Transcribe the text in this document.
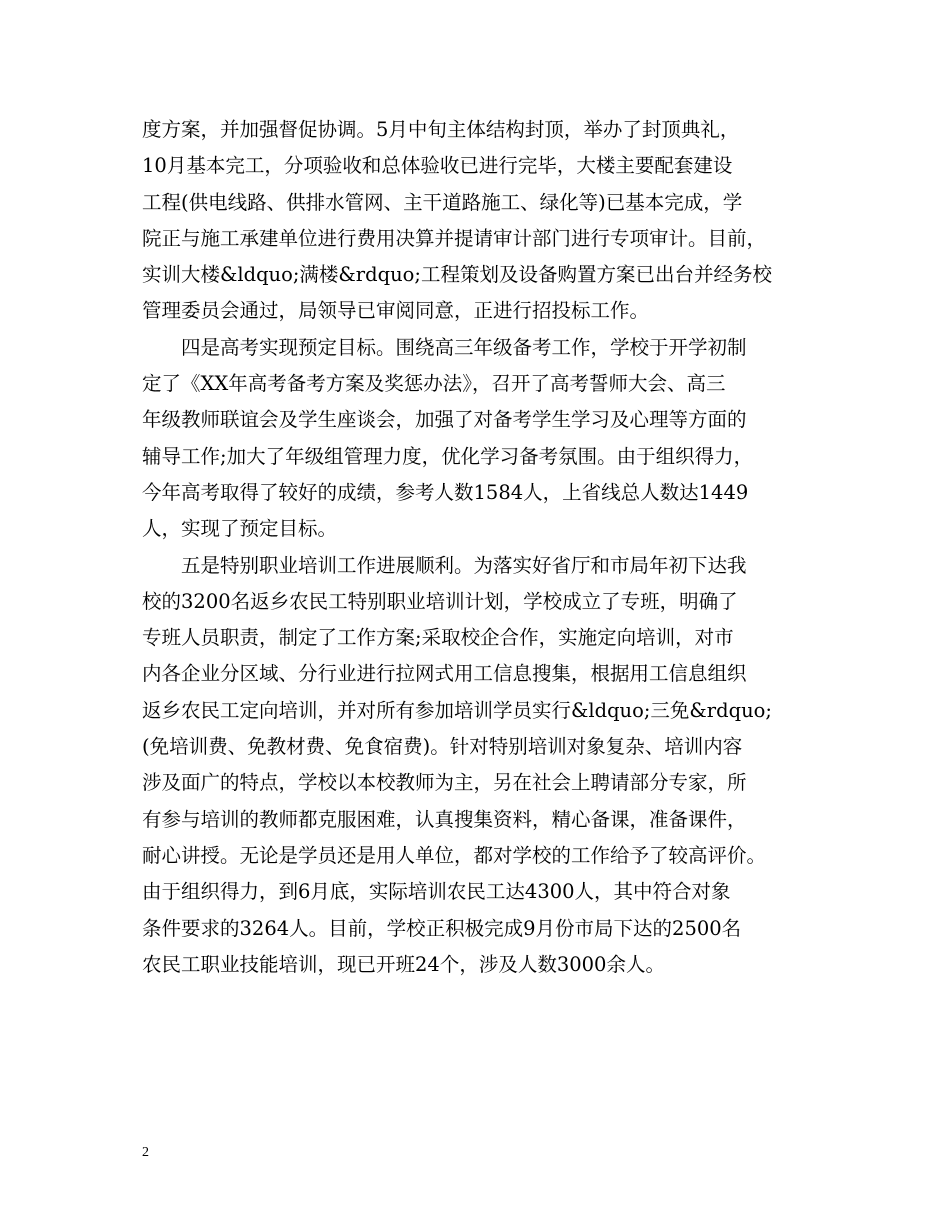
度方案，并加强督促协调。5月中旬主体结构封顶，举办了封顶典礼，
10月基本完工，分项验收和总体验收已进行完毕，大楼主要配套建设
工程(供电线路、供排水管网、主干道路施工、绿化等)已基本完成，学
院正与施工承建单位进行费用决算并提请审计部门进行专项审计。目前，
实训大楼&ldquo;满楼&rdquo;工程策划及设备购置方案已出台并经务校
管理委员会通过，局领导已审阅同意，正进行招投标工作。
四是高考实现预定目标。围绕高三年级备考工作，学校于开学初制
定了《XX年高考备考方案及奖惩办法》，召开了高考誓师大会、高三
年级教师联谊会及学生座谈会，加强了对备考学生学习及心理等方面的
辅导工作;加大了年级组管理力度，优化学习备考氛围。由于组织得力，
今年高考取得了较好的成绩，参考人数1584人，上省线总人数达1449
人，实现了预定目标。
五是特别职业培训工作进展顺利。为落实好省厅和市局年初下达我
校的3200名返乡农民工特别职业培训计划，学校成立了专班，明确了
专班人员职责，制定了工作方案;采取校企合作，实施定向培训，对市
内各企业分区域、分行业进行拉网式用工信息搜集，根据用工信息组织
返乡农民工定向培训，并对所有参加培训学员实行&ldquo;三免&rdquo;
(免培训费、免教材费、免食宿费)。针对特别培训对象复杂、培训内容
涉及面广的特点，学校以本校教师为主，另在社会上聘请部分专家，所
有参与培训的教师都克服困难，认真搜集资料，精心备课，准备课件，
耐心讲授。无论是学员还是用人单位，都对学校的工作给予了较高评价。
由于组织得力，到6月底，实际培训农民工达4300人，其中符合对象
条件要求的3264人。目前，学校正积极完成9月份市局下达的2500名
农民工职业技能培训，现已开班24个，涉及人数3000余人。
2
